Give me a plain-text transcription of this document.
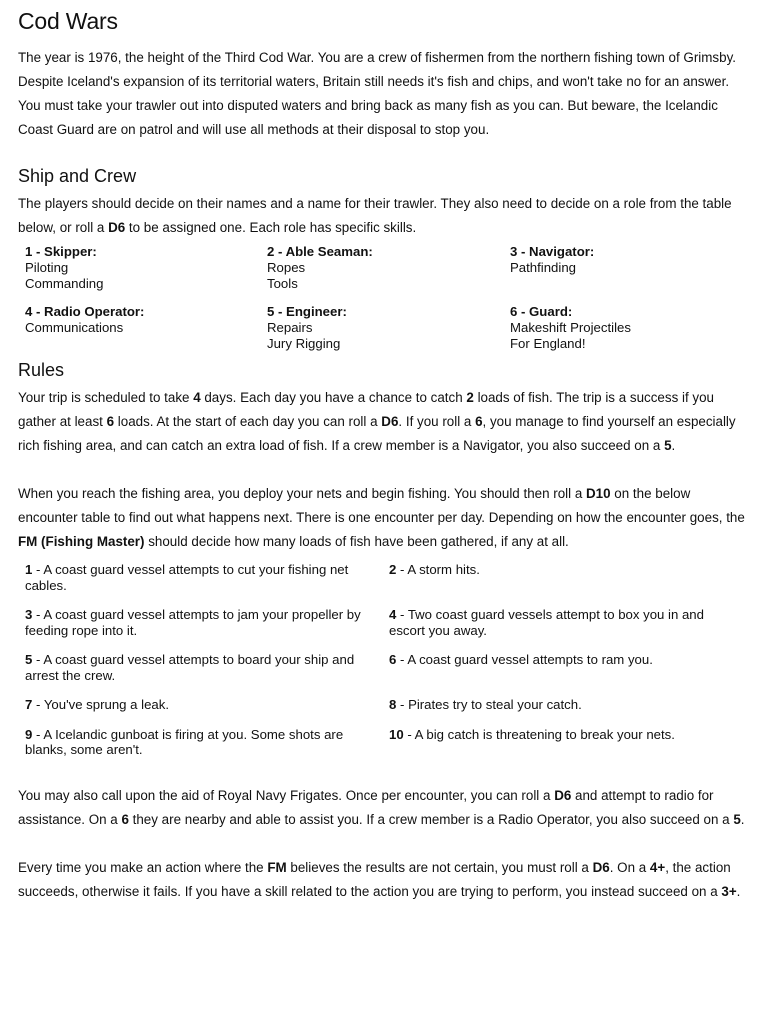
Cod Wars

The year is 1976, the height of the Third Cod War. You are a crew of fishermen from the northern fishing town of Grimsby. Despite Iceland's expansion of its territorial waters, Britain still needs it's fish and chips, and won't take no for an answer. You must take your trawler out into disputed waters and bring back as many fish as you can. But beware, the Icelandic Coast Guard are on patrol and will use all methods at their disposal to stop you.

Ship and Crew

The players should decide on their names and a name for their trawler. They also need to decide on a role from the table below, or roll a D6 to be assigned one. Each role has specific skills.

1 - Skipper:
Piloting
Commanding
2 - Able Seaman:
Ropes
Tools
3 - Navigator:
Pathfinding
4 - Radio Operator:
Communications
5 - Engineer:
Repairs
Jury Rigging
6 - Guard:
Makeshift Projectiles
For England!
Rules

Your trip is scheduled to take 4 days. Each day you have a chance to catch 2 loads of fish. The trip is a success if you gather at least 6 loads. At the start of each day you can roll a D6. If you roll a 6, you manage to find yourself an especially rich fishing area, and can catch an extra load of fish. If a crew member is a Navigator, you also succeed on a 5.

When you reach the fishing area, you deploy your nets and begin fishing. You should then roll a D10 on the below encounter table to find out what happens next. There is one encounter per day. Depending on how the encounter goes, the FM (Fishing Master) should decide how many loads of fish have been gathered, if any at all.

1 - A coast guard vessel attempts to cut your fishing net cables.
2 - A storm hits.
3 - A coast guard vessel attempts to jam your propeller by feeding rope into it.
4 - Two coast guard vessels attempt to box you in and escort you away.
5 - A coast guard vessel attempts to board your ship and arrest the crew.
6 - A coast guard vessel attempts to ram you.
7 - You've sprung a leak.	8 - Pirates try to steal your catch.
9 - A Icelandic gunboat is firing at you. Some shots are blanks, some aren't.
10 - A big catch is threatening to break your nets.

You may also call upon the aid of Royal Navy Frigates. Once per encounter, you can roll a D6 and attempt to radio for assistance. On a 6 they are nearby and able to assist you. If a crew member is a Radio Operator, you also succeed on a 5.

Every time you make an action where the FM believes the results are not certain, you must roll a D6. On a 4+, the action succeeds, otherwise it fails. If you have a skill related to the action you are trying to perform, you instead succeed on a 3+.
